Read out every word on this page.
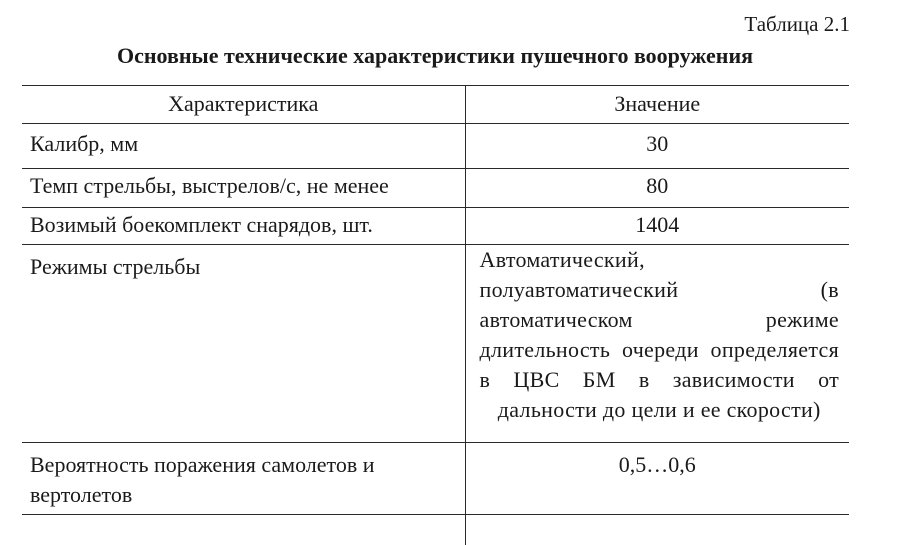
Таблица 2.1

Основные технические характеристики пушечного вооружения
Характеристика	Значение
Калибр, мм	30
Темп стрельбы, выстрелов/с, не менее	80
Возимый боекомплект снарядов, шт.	1404
Режимы стрельбы	Автоматический, полуавтоматический (в автоматическом режиме длительность очереди определяется в ЦВС БМ в зависимости от дальности до цели и ее скорости)
Вероятность поражения самолетов и вертолетов	0,5…0,6
